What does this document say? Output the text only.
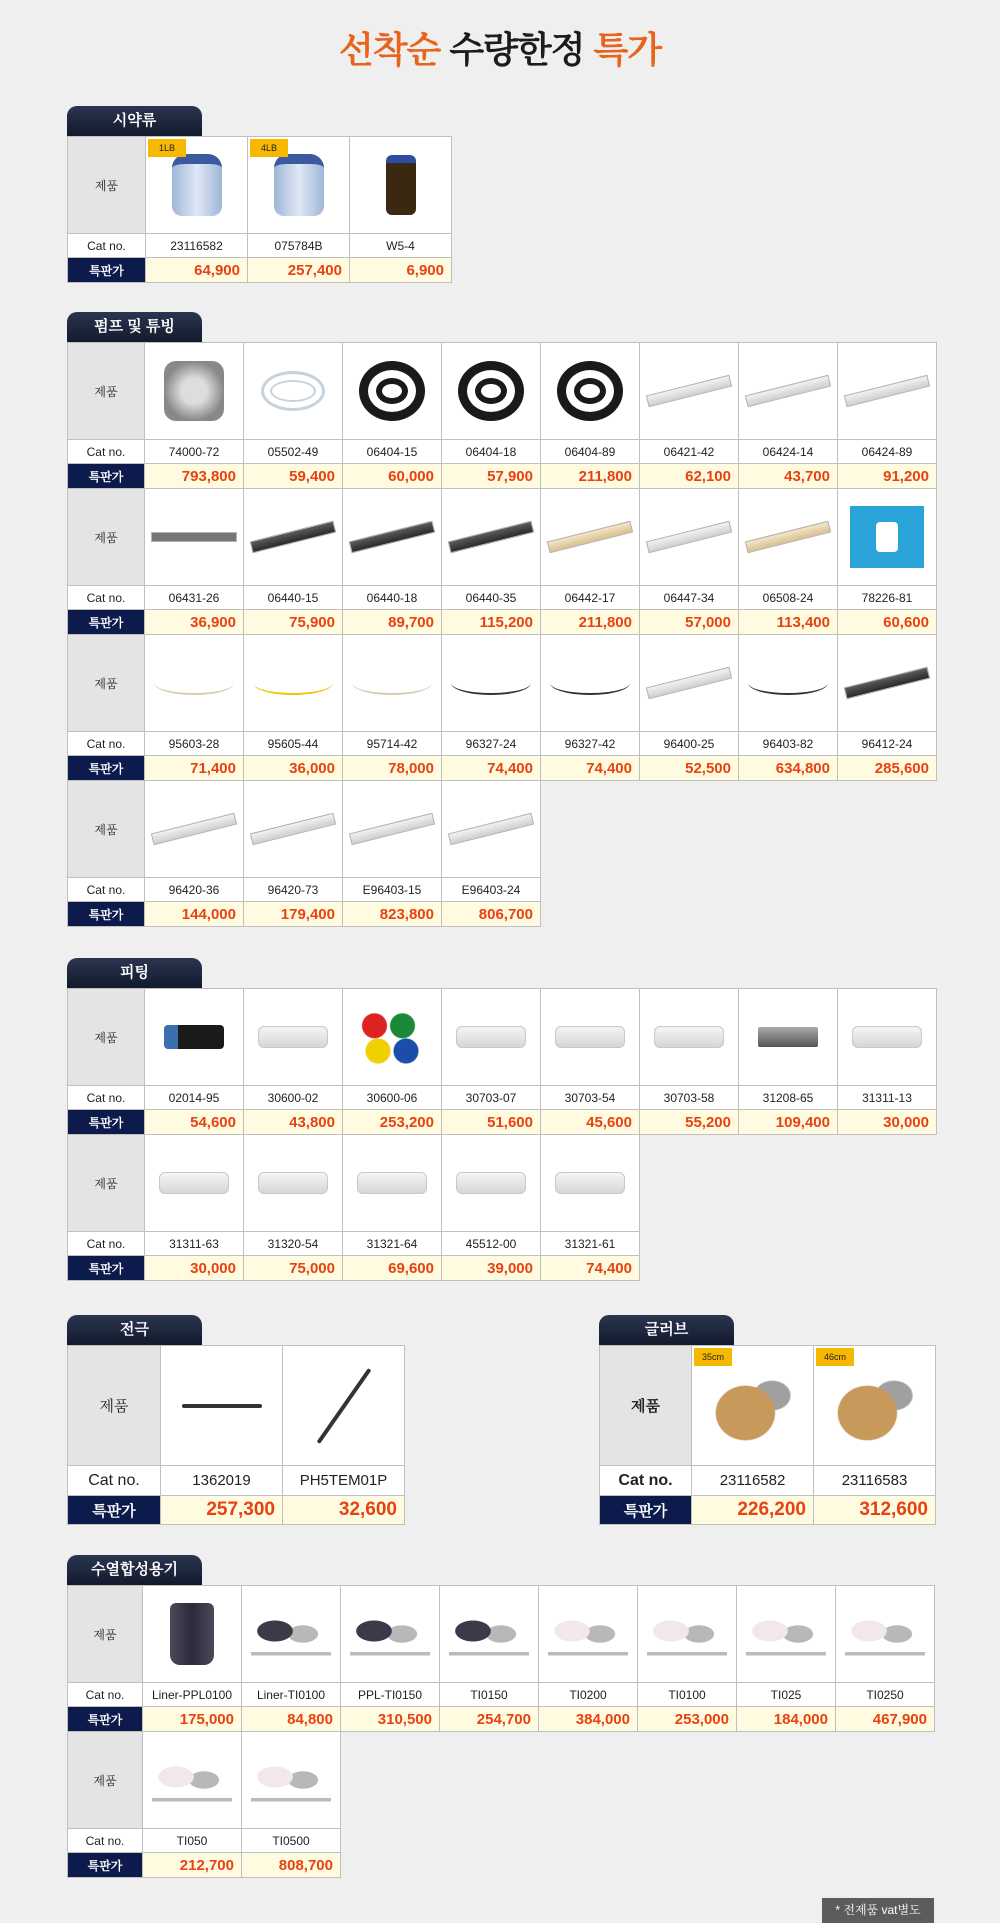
선착순 수량한정 특가
시약류
제품	1LB	4LB	

Cat no.	23116582	075784B	W5-4
특판가	64,900	257,400	6,900
펌프 및 튜빙
제품	

Cat no.	74000-72	05502-49	06404-15	06404-18	06404-89	06421-42	06424-14	06424-89
특판가	793,800	59,400	60,000	57,900	211,800	62,100	43,700	91,200
제품	

Cat no.	06431-26	06440-15	06440-18	06440-35	06442-17	06447-34	06508-24	78226-81
특판가	36,900	75,900	89,700	115,200	211,800	57,000	113,400	60,600
제품	

Cat no.	95603-28	95605-44	95714-42	96327-24	96327-42	96400-25	96403-82	96412-24
특판가	71,400	36,000	78,000	74,400	74,400	52,500	634,800	285,600
제품	

Cat no.	96420-36	96420-73	E96403-15	E96403-24
특판가	144,000	179,400	823,800	806,700
피팅
제품	

Cat no.	02014-95	30600-02	30600-06	30703-07	30703-54	30703-58	31208-65	31311-13
특판가	54,600	43,800	253,200	51,600	45,600	55,200	109,400	30,000
제품	

Cat no.	31311-63	31320-54	31321-64	45512-00	31321-61
특판가	30,000	75,000	69,600	39,000	74,400
전극
제품	

Cat no.	1362019	PH5TEM01P
특판가	257,300	32,600
글러브
제품	35cm	46cm

Cat no.	23116582	23116583
특판가	226,200	312,600
수열합성용기
제품	

Cat no.	Liner-PPL0100	Liner-TI0100	PPL-TI0150	TI0150	TI0200	TI0100	TI025	TI0250
특판가	175,000	84,800	310,500	254,700	384,000	253,000	184,000	467,900
제품	

Cat no.	TI050	TI0500
특판가	212,700	808,700
* 전제품 vat별도
